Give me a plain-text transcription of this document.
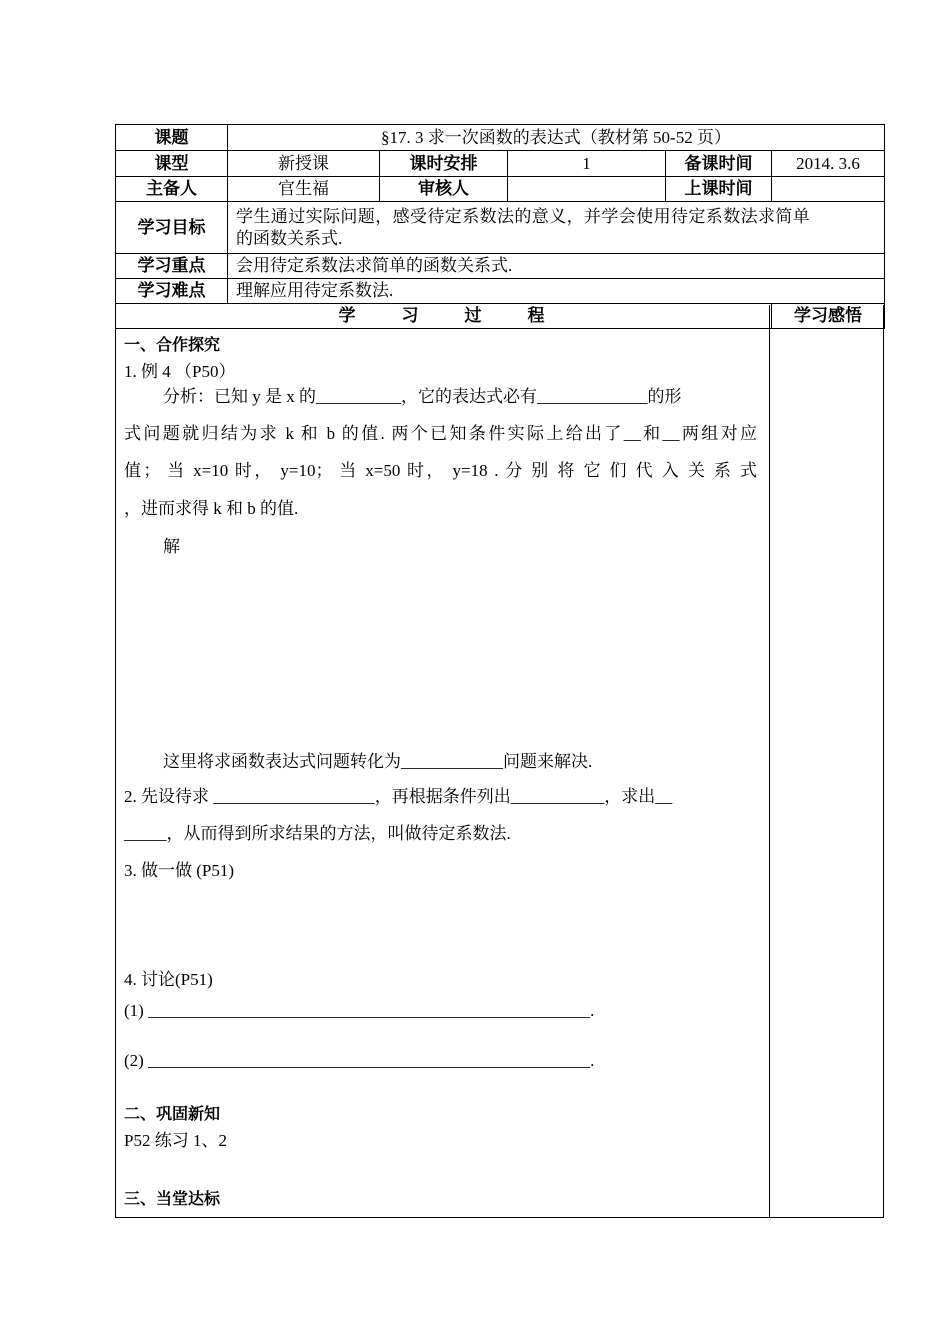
课题	§17. 3 求一次函数的表达式（教材第 50-52 页）				
课型	新授课	课时安排	1	备课时间	2014. 3.6
主备人	官生福	审核人		上课时间	
学习目标	学生通过实际问题，感受待定系数法的意义，并学会使用待定系数法求简单
的函数关系式.				

学习重点	会用待定系数法求简单的函数关系式.				
学习难点	理解应用待定系数法.				
学　　习　　过　　程					学习感悟
一、合作探究
1. 例 4 （P50）
分析：已知 y 是 x 的__________，它的表达式必有_____________的形
式问题就归结为求 k 和 b 的值. 两个已知条件实际上给出了__和__两组对应
值； 当 x=10 时， y=10； 当 x=50 时， y=18 . 分 别 将 它 们 代 入 关 系 式
，进而求得 k 和 b 的值.
解
这里将求函数表达式问题转化为____________问题来解决.
2. 先设待求 ___________________，再根据条件列出___________，求出__
_____，从而得到所求结果的方法，叫做待定系数法.
3. 做一做 (P51)
4. 讨论(P51)
(1) ____________________________________________________.
(2) ____________________________________________________.
二、巩固新知
P52 练习 1、2
三、当堂达标
